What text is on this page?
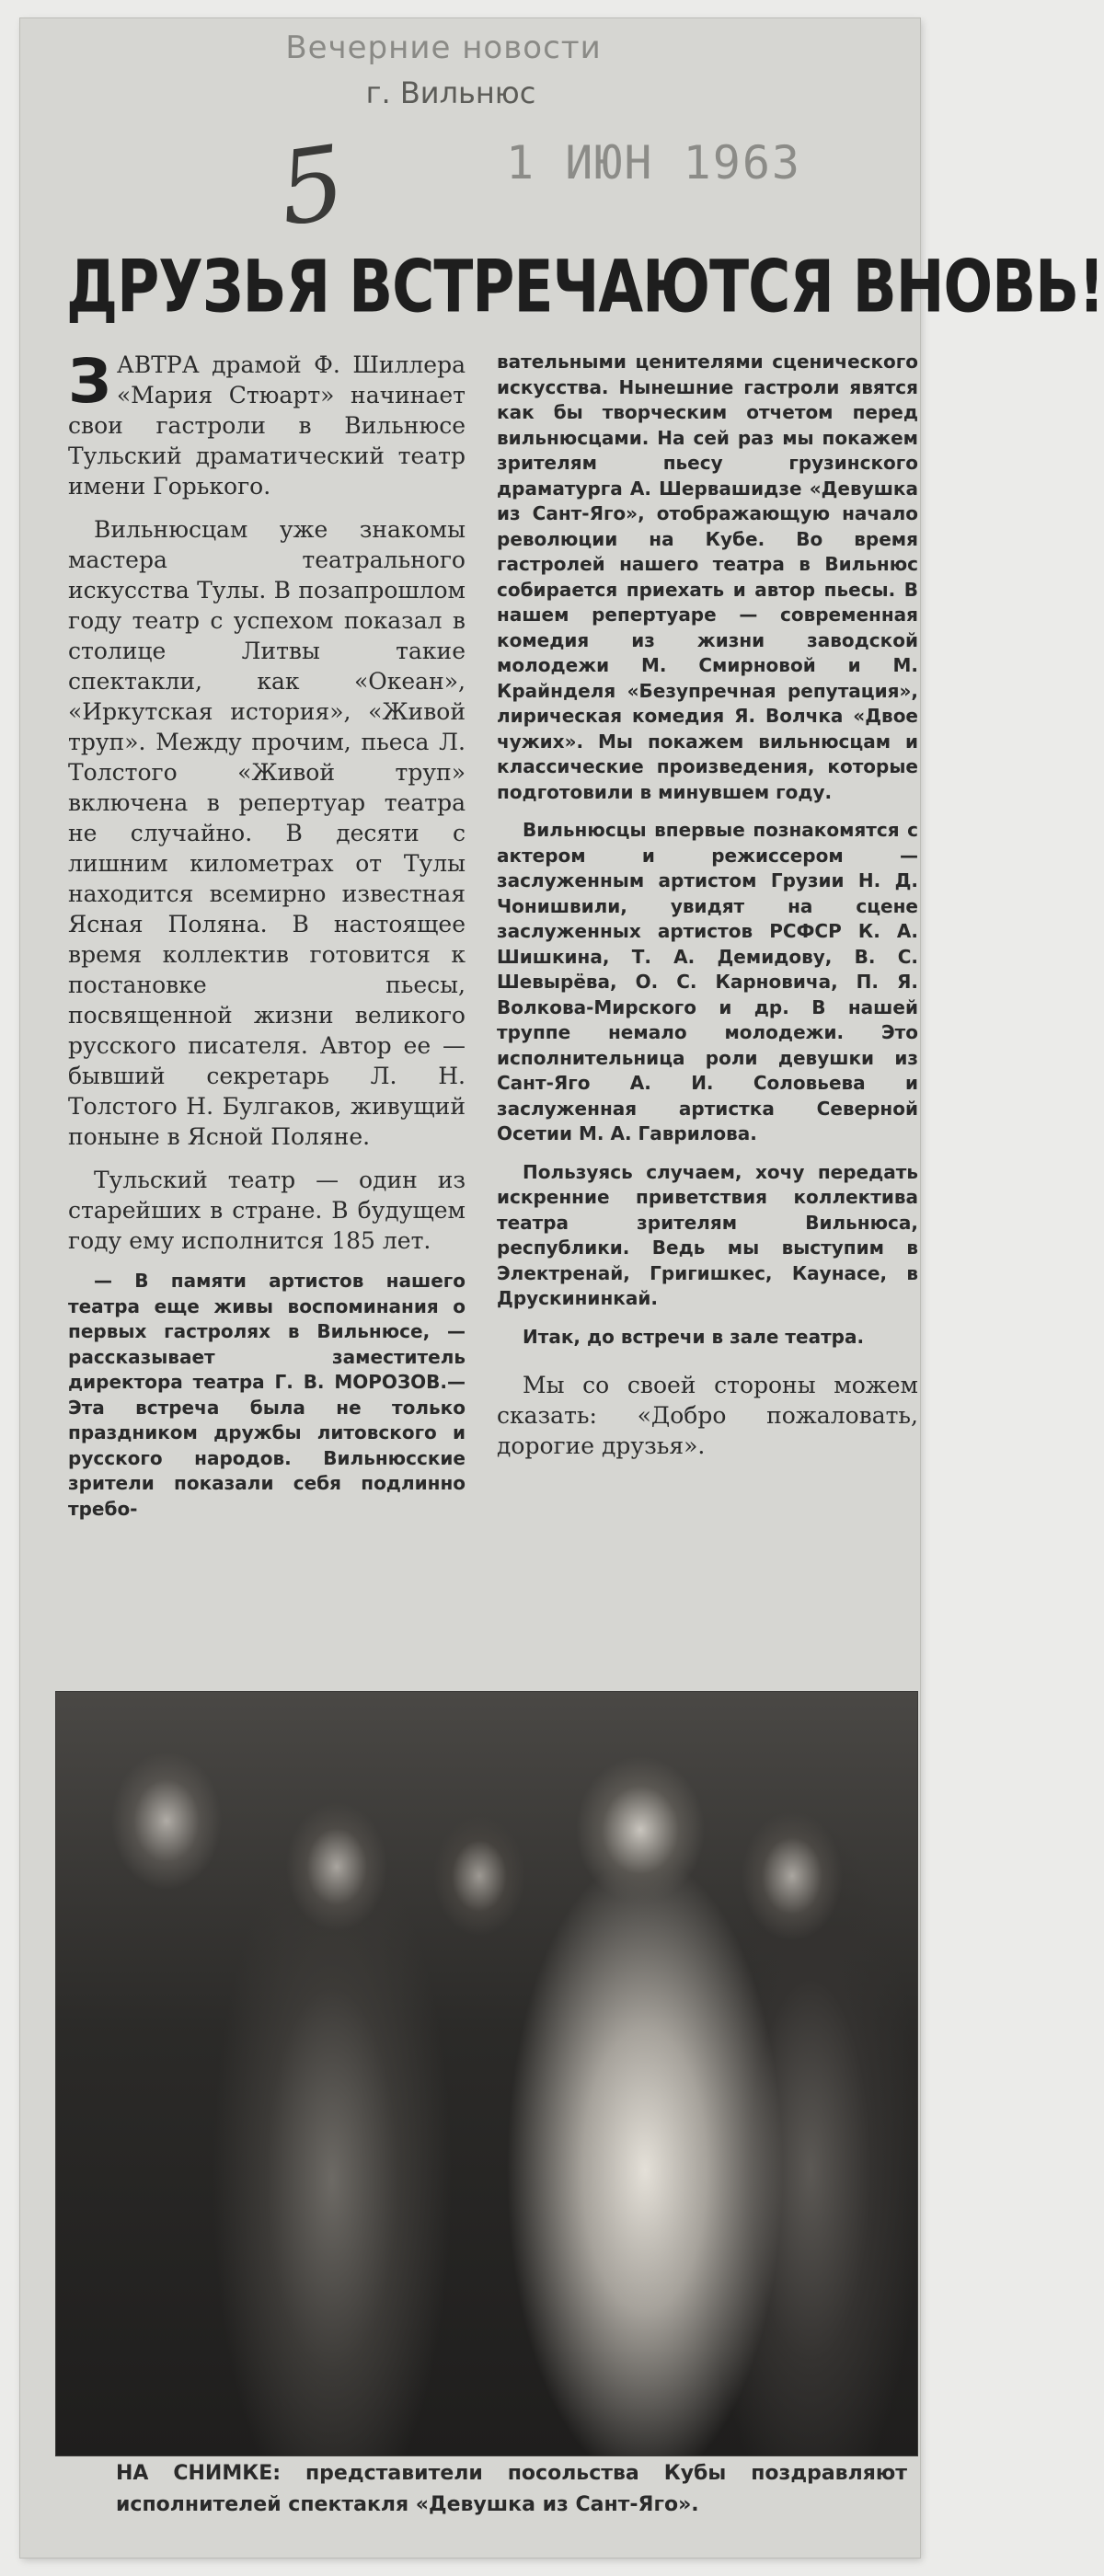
Вечерние новости
г. Вильнюс
5	1 ИЮН 1963
ДРУЗЬЯ ВСТРЕЧАЮТСЯ ВНОВЬ!

ЗАВТРА драмой Ф. Шиллера «Мария Стюарт» начинает свои гастроли в Вильнюсе Тульский драматический театр имени Горького.

Вильнюсцам уже знакомы мастера театрального искусства Тулы. В позапрошлом году театр с успехом показал в столице Литвы такие спектакли, как «Океан», «Иркутская история», «Живой труп». Между прочим, пьеса Л. Толстого «Живой труп» включена в репертуар театра не случайно. В десяти с лишним километрах от Тулы находится всемирно известная Ясная Поляна. В настоящее время коллектив готовится к постановке пьесы, посвященной жизни великого русского писателя. Автор ее — бывший секретарь Л. Н. Толстого Н. Булгаков, живущий поныне в Ясной Поляне.

Тульский театр — один из старейших в стране. В будущем году ему исполнится 185 лет.

— В памяти артистов нашего театра еще живы воспоминания о первых гастролях в Вильнюсе, — рассказывает заместитель директора театра Г. В. МОРОЗОВ.— Эта встреча была не только праздником дружбы литовского и русского народов. Вильнюсские зрители показали себя подлинно требо-

вательными ценителями сценического искусства. Нынешние гастроли явятся как бы творческим отчетом перед вильнюсцами. На сей раз мы покажем зрителям пьесу грузинского драматурга А. Шервашидзе «Девушка из Сант-Яго», отображающую начало революции на Кубе. Во время гастролей нашего театра в Вильнюс собирается приехать и автор пьесы. В нашем репертуаре — современная комедия из жизни заводской молодежи М. Смирновой и М. Крайнделя «Безупречная репутация», лирическая комедия Я. Волчка «Двое чужих». Мы покажем вильнюсцам и классические произведения, которые подготовили в минувшем году.

Вильнюсцы впервые познакомятся с актером и режиссером — заслуженным артистом Грузии Н. Д. Чонишвили, увидят на сцене заслуженных артистов РСФСР К. А. Шишкина, Т. А. Демидову, В. С. Шевырёва, О. С. Карновича, П. Я. Волкова-Мирского и др. В нашей труппе немало молодежи. Это исполнительница роли девушки из Сант-Яго А. И. Соловьева и заслуженная артистка Северной Осетии М. А. Гаврилова.

Пользуясь случаем, хочу передать искренние приветствия коллектива театра зрителям Вильнюса, республики. Ведь мы выступим в Электренай, Григишкес, Каунасе, в Друскининкай.

Итак, до встречи в зале театра.

Мы со своей стороны можем сказать: «Добро пожаловать, дорогие друзья».

НА СНИМКЕ: представители посольства Кубы поздравляют исполнителей спектакля «Девушка из Сант-Яго».
